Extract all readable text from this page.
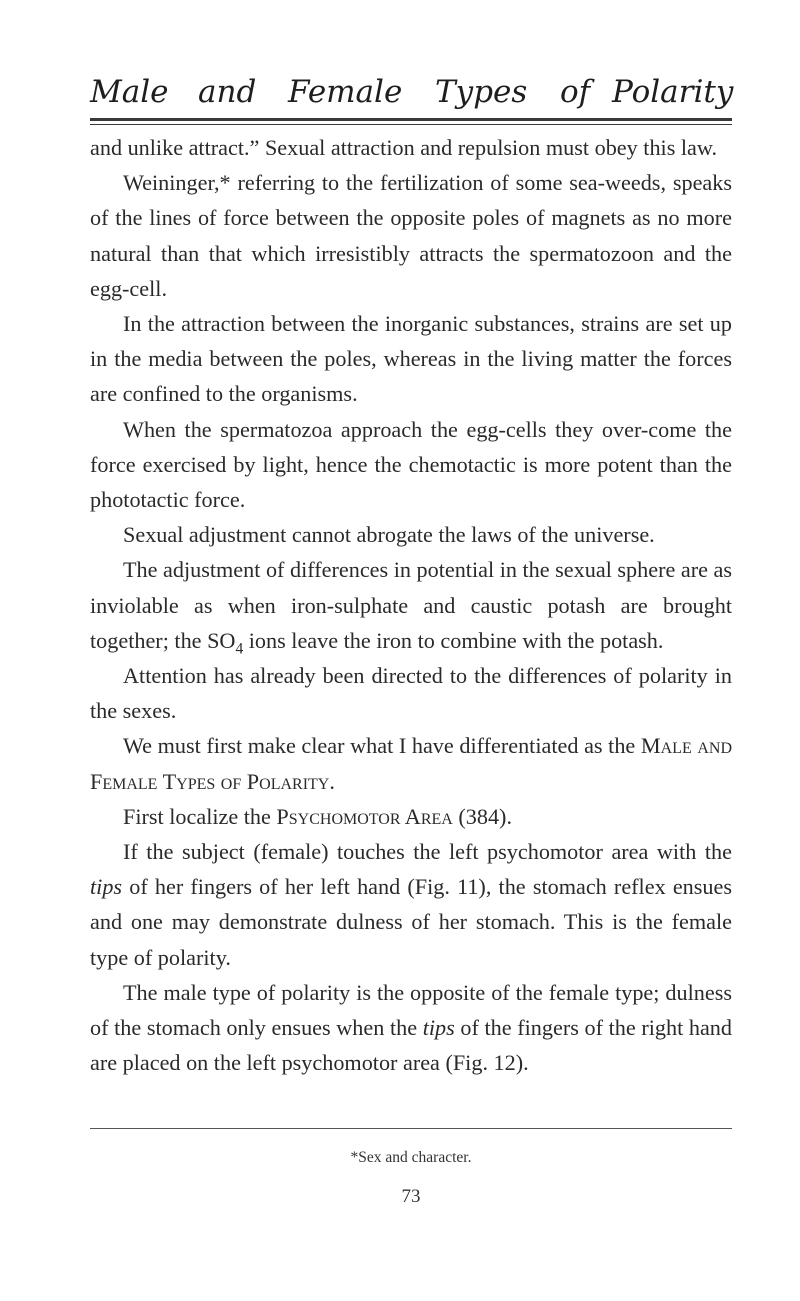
Male and Female Types of Polarity

and unlike attract.” Sexual attraction and repulsion must obey this law.

Weininger,* referring to the fertilization of some sea-weeds, speaks of the lines of force between the opposite poles of magnets as no more natural than that which irresistibly attracts the spermatozoon and the egg-cell.

In the attraction between the inorganic substances, strains are set up in the media between the poles, whereas in the living matter the forces are confined to the organisms.

When the spermatozoa approach the egg-cells they over-come the force exercised by light, hence the chemotactic is more potent than the phototactic force.

Sexual adjustment cannot abrogate the laws of the universe.

The adjustment of differences in potential in the sexual sphere are as inviolable as when iron-sulphate and caustic potash are brought together; the $SO_4$ ions leave the iron to combine with the potash.

Attention has already been directed to the differences of polarity in the sexes.

We must first make clear what I have differentiated as the Male and Female Types of Polarity.

First localize the Psychomotor Area (384).

If the subject (female) touches the left psychomotor area with the tips of her fingers of her left hand (Fig. 11), the stomach reflex ensues and one may demonstrate dulness of her stomach. This is the female type of polarity.

The male type of polarity is the opposite of the female type; dulness of the stomach only ensues when the tips of the fingers of the right hand are placed on the left psychomotor area (Fig. 12).

*Sex and character.
73
